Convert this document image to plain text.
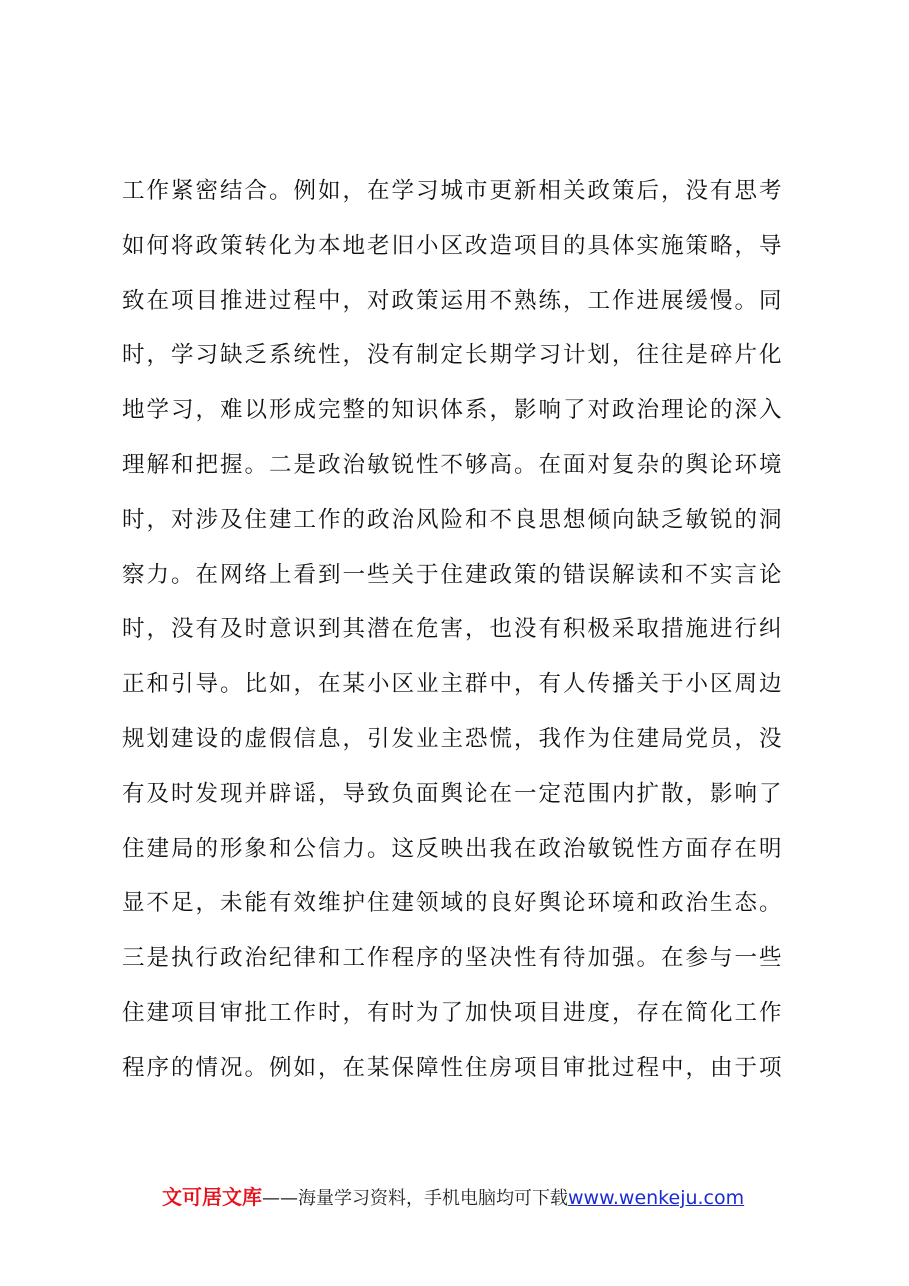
工作紧密结合。例如，在学习城市更新相关政策后，没有思考
如何将政策转化为本地老旧小区改造项目的具体实施策略，导
致在项目推进过程中，对政策运用不熟练，工作进展缓慢。同
时，学习缺乏系统性，没有制定长期学习计划，往往是碎片化
地学习，难以形成完整的知识体系，影响了对政治理论的深入
理解和把握。二是政治敏锐性不够高。在面对复杂的舆论环境
时，对涉及住建工作的政治风险和不良思想倾向缺乏敏锐的洞
察力。在网络上看到一些关于住建政策的错误解读和不实言论
时，没有及时意识到其潜在危害，也没有积极采取措施进行纠
正和引导。比如，在某小区业主群中，有人传播关于小区周边
规划建设的虚假信息，引发业主恐慌，我作为住建局党员，没
有及时发现并辟谣，导致负面舆论在一定范围内扩散，影响了
住建局的形象和公信力。这反映出我在政治敏锐性方面存在明
显不足，未能有效维护住建领域的良好舆论环境和政治生态。
三是执行政治纪律和工作程序的坚决性有待加强。在参与一些
住建项目审批工作时，有时为了加快项目进度，存在简化工作
程序的情况。例如，在某保障性住房项目审批过程中，由于项
文可居文库——海量学习资料，手机电脑均可下载www.wenkeju.com
